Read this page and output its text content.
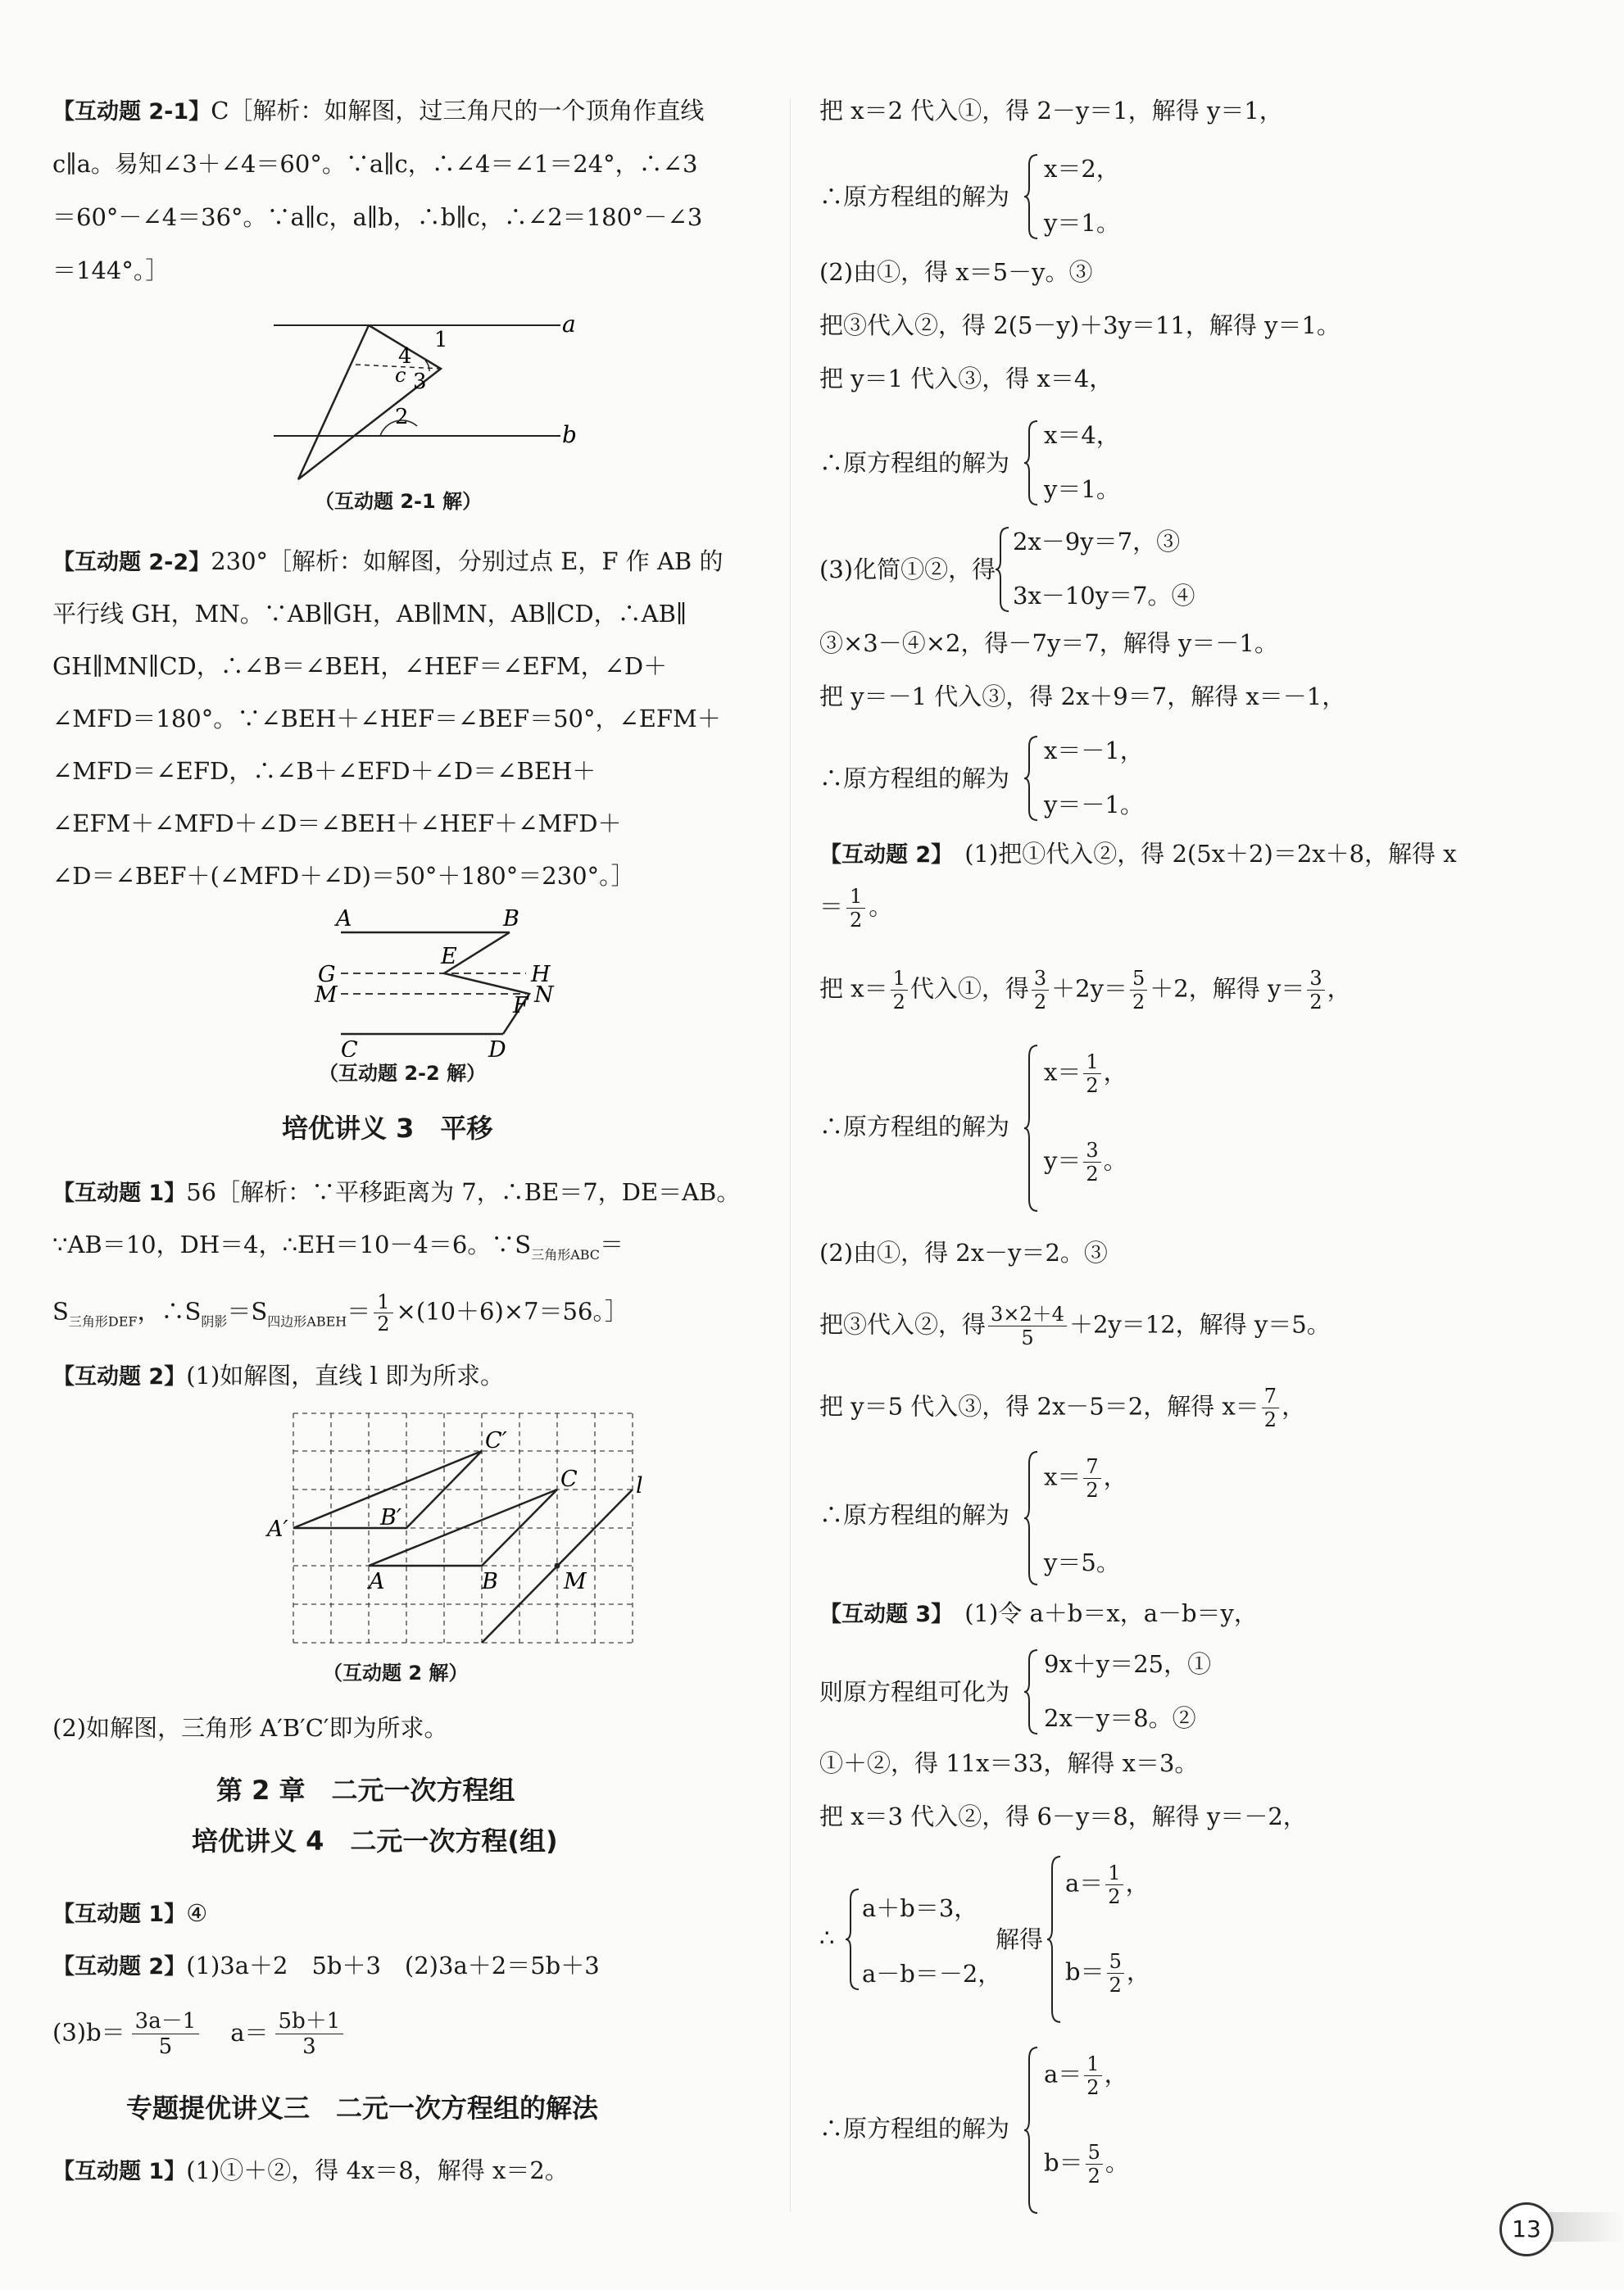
【互动题 2-1】C［解析：如解图，过三角尺的一个顶角作直线
c∥a。易知∠3＋∠4＝60°。∵a∥c，∴∠4＝∠1＝24°，∴∠3
＝60°－∠4＝36°。∵a∥c，a∥b，∴b∥c，∴∠2＝180°－∠3
＝144°。］
a
b
1
4
c 3
2
（互动题 2-1 解）
【互动题 2-2】230°［解析：如解图，分别过点 E，F 作 AB 的
平行线 GH，MN。∵AB∥GH，AB∥MN，AB∥CD，∴AB∥
GH∥MN∥CD，∴∠B＝∠BEH，∠HEF＝∠EFM，∠D＋
∠MFD＝180°。∵∠BEH＋∠HEF＝∠BEF＝50°，∠EFM＋
∠MFD＝∠EFD，∴∠B＋∠EFD＋∠D＝∠BEH＋
∠EFM＋∠MFD＋∠D＝∠BEH＋∠HEF＋∠MFD＋
∠D＝∠BEF＋(∠MFD＋∠D)＝50°＋180°＝230°。］
A	B
E
G	H
M	N
F
C	D
（互动题 2-2 解）
培优讲义 3　平移
【互动题 1】56［解析：∵平移距离为 7，∴BE＝7，DE＝AB。
∵AB＝10，DH＝4，∴EH＝10－4＝6。$\because S_{三角形ABC}=$
$S_{三角形DEF}$，$\therefore S_{阴影}=S_{四边形ABEH}= \frac{1}{2} \times(10+6)\times 7=56$。］
【互动题 2】(1)如解图，直线 l 即为所求。
C′
C	l
A′	B′
A	B	M
（互动题 2 解）
(2)如解图，三角形 A′B′C′即为所求。
第 2 章　二元一次方程组
培优讲义 4　二元一次方程(组)
【互动题 1】④
【互动题 2】(1)3a＋2　5b＋3　(2)3a＋2＝5b＋3
$(3)b= \frac{3a-1}{5} a= \frac{5b+1}{3}$
专题提优讲义三　二元一次方程组的解法
【互动题 1】(1)①＋②，得 4x＝8，解得 x＝2。
把 x＝2 代入①，得 2－y＝1，解得 y＝1，
∴原方程组的解为
x＝2，
y＝1。
(2)由①，得 x＝5－y。③
把③代入②，得 2(5－y)＋3y＝11，解得 y＝1。
把 y＝1 代入③，得 x＝4，
∴原方程组的解为
x＝4，
y＝1。
(3)化简①②，得
2x－9y＝7，③
3x－10y＝7。④
③×3－④×2，得－7y＝7，解得 y＝－1。
把 y＝－1 代入③，得 2x＋9＝7，解得 x＝－1，
∴原方程组的解为
x＝－1，
y＝－1。
【互动题 2】 (1)把①代入②，得 2(5x＋2)＝2x＋8，解得 x
＝ $\frac{1}{2}$ 。
把 $x= \frac{1}{2}$ 代入①，得 $\frac{3}{2} +2y= \frac{5}{2} +2$，解得 $y= \frac{3}{2}$ ，
∴原方程组的解为
$x= \frac{1}{2}$ ，
$y= \frac{3}{2}$ 。
(2)由①，得 2x－y＝2。③
把③代入②，得 $\frac{3\times 2+4}{5} +2y=12$，解得 y＝5。
把 y＝5 代入③，得 2x－5＝2，解得 $x= \frac{7}{2}$ ，
∴原方程组的解为
$x= \frac{7}{2}$ ，
y＝5。
【互动题 3】 (1)令 a＋b＝x，a－b＝y，
则原方程组可化为
9x＋y＝25，①
2x－y＝8。②
①＋②，得 11x＝33，解得 x＝3。
把 x＝3 代入②，得 6－y＝8，解得 y＝－2，
∴
a＋b＝3，
a－b＝－2，
解得
$a= \frac{1}{2}$ ，
$b= \frac{5}{2}$ ，
∴原方程组的解为
$a= \frac{1}{2}$ ，
$b= \frac{5}{2}$ 。
13
